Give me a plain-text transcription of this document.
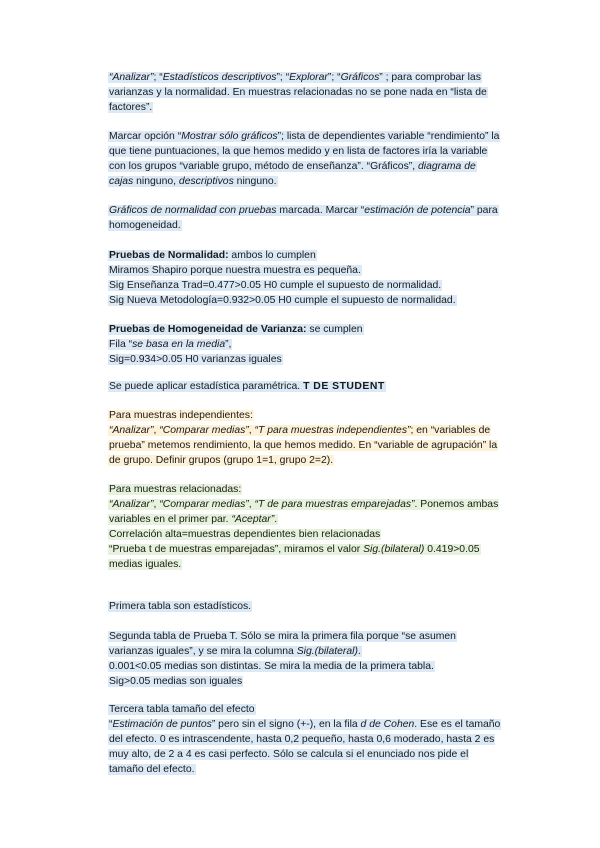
“Analizar”; “Estadísticos descriptivos”; “Explorar”; “Gráficos” ; para comprobar las
varianzas y la normalidad. En muestras relacionadas no se pone nada en “lista de
factores”.
Marcar opción “Mostrar sólo gráficos”; lista de dependientes variable “rendimiento” la
que tiene puntuaciones, la que hemos medido y en lista de factores iría la variable
con los grupos “variable grupo, método de enseñanza”. “Gráficos”, diagrama de
cajas ninguno, descriptivos ninguno.
Gráficos de normalidad con pruebas marcada. Marcar “estimación de potencia” para
homogeneidad.
Pruebas de Normalidad: ambos lo cumplen
Miramos Shapiro porque nuestra muestra es pequeña.
Sig Enseñanza Trad=0.477>0.05 H0 cumple el supuesto de normalidad.
Sig Nueva Metodología=0.932>0.05 H0 cumple el supuesto de normalidad.
Pruebas de Homogeneidad de Varianza: se cumplen
Fila “se basa en la media”,
Sig=0.934>0.05 H0 varianzas iguales
Se puede aplicar estadística paramétrica. T DE STUDENT
Para muestras independientes:
“Analizar”, “Comparar medias”, “T para muestras independientes”; en “variables de
prueba” metemos rendimiento, la que hemos medido. En “variable de agrupación” la
de grupo. Definir grupos (grupo 1=1, grupo 2=2).
Para muestras relacionadas:
“Analizar”, “Comparar medias”, “T de para muestras emparejadas”. Ponemos ambas
variables en el primer par. “Aceptar”.
Correlación alta=muestras dependientes bien relacionadas
“Prueba t de muestras emparejadas”, miramos el valor Sig.(bilateral) 0.419>0.05
medias iguales.
Primera tabla son estadísticos.
Segunda tabla de Prueba T. Sólo se mira la primera fila porque “se asumen
varianzas iguales”, y se mira la columna Sig.(bilateral).
0.001<0.05 medias son distintas. Se mira la media de la primera tabla.
Sig>0.05 medias son iguales
Tercera tabla tamaño del efecto
“Estimación de puntos” pero sin el signo (+-), en la fila d de Cohen. Ese es el tamaño
del efecto. 0 es intrascendente, hasta 0,2 pequeño, hasta 0,6 moderado, hasta 2 es
muy alto, de 2 a 4 es casi perfecto. Sólo se calcula si el enunciado nos pide el
tamaño del efecto.
